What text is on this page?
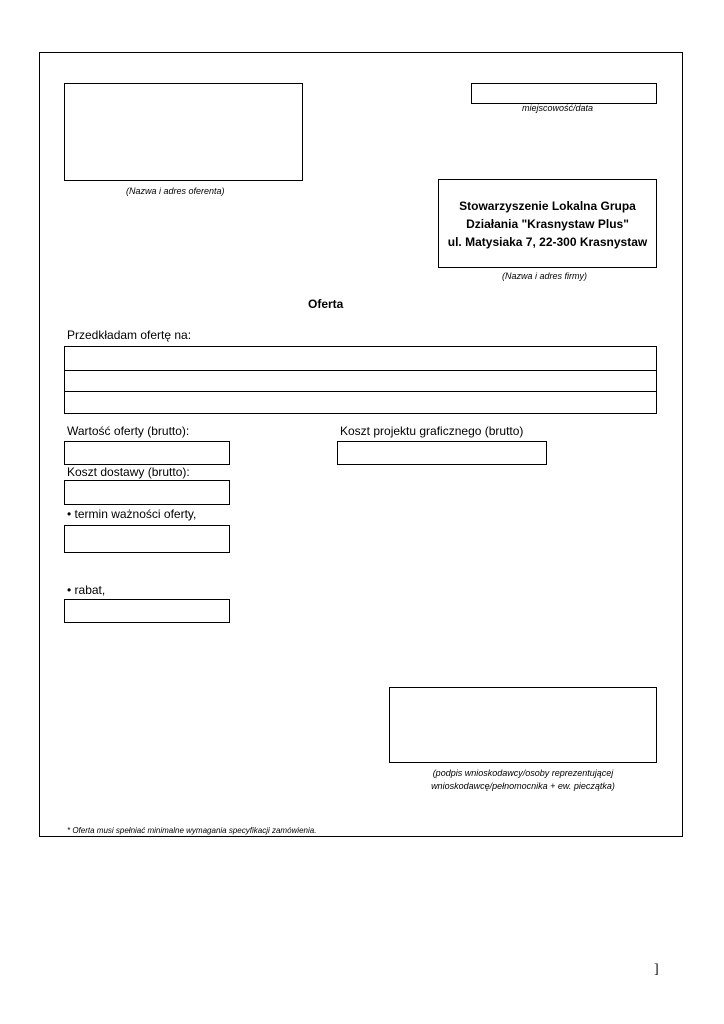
(Nazwa i adres oferenta)
miejscowość/data
Stowarzyszenie Lokalna Grupa
Działania "Krasnystaw Plus"
ul. Matysiaka 7, 22-300 Krasnystaw
(Nazwa i adres firmy)
Oferta
Przedkładam ofertę na:
Wartość oferty (brutto):	Koszt projektu graficznego (brutto)
Koszt dostawy (brutto):
• termin ważności oferty,
• rabat,
(podpis wnioskodawcy/osoby reprezentującej
wnioskodawcę/pełnomocnika + ew. pieczątka)
* Oferta musi spełniać minimalne wymagania specyfikacji zamówienia.
]
